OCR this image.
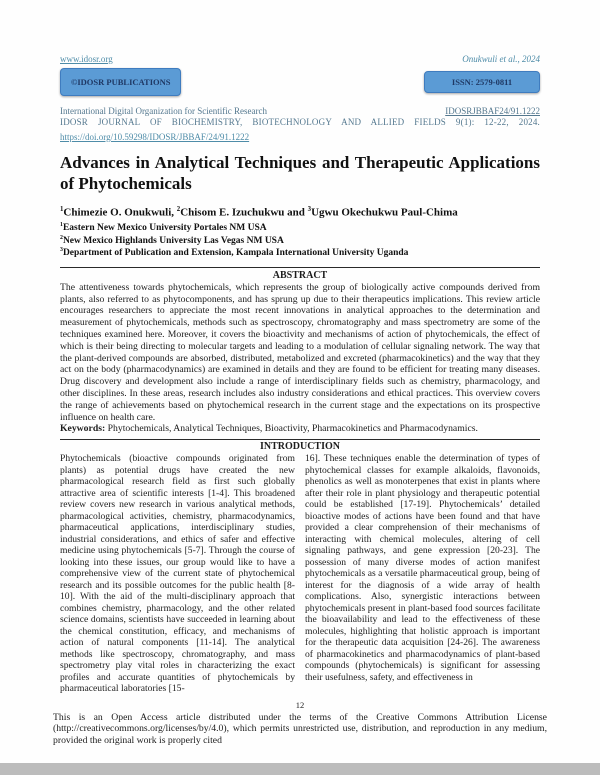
www.idosr.org	Onukwuli et al., 2024
©IDOSR PUBLICATIONS	ISSN: 2579-0811
International Digital Organization for Scientific Research	IDOSRJBBAF24/91.1222
IDOSR JOURNAL OF BIOCHEMISTRY, BIOTECHNOLOGY AND ALLIED FIELDS 9(1): 12-22, 2024.
https://doi.org/10.59298/IDOSR/JBBAF/24/91.1222
Advances in Analytical Techniques and Therapeutic Applications of Phytochemicals
$^1$Chimezie O. Onukwuli, $^2$Chisom E. Izuchukwu and $^3$Ugwu Okechukwu Paul-Chima
$^1$Eastern New Mexico University Portales NM USA
$^2$New Mexico Highlands University Las Vegas NM USA
$^3$Department of Publication and Extension, Kampala International University Uganda
ABSTRACT
The attentiveness towards phytochemicals, which represents the group of biologically active compounds derived from plants, also referred to as phytocomponents, and has sprung up due to their therapeutics implications. This review article encourages researchers to appreciate the most recent innovations in analytical approaches to the determination and measurement of phytochemicals, methods such as spectroscopy, chromatography and mass spectrometry are some of the techniques examined here. Moreover, it covers the bioactivity and mechanisms of action of phytochemicals, the effect of which is their being directing to molecular targets and leading to a modulation of cellular signaling network. The way that the plant-derived compounds are absorbed, distributed, metabolized and excreted (pharmacokinetics) and the way that they act on the body (pharmacodynamics) are examined in details and they are found to be efficient for treating many diseases. Drug discovery and development also include a range of interdisciplinary fields such as chemistry, pharmacology, and other disciplines. In these areas, research includes also industry considerations and ethical practices. This overview covers the range of achievements based on phytochemical research in the current stage and the expectations on its prospective influence on health care.
Keywords: Phytochemicals, Analytical Techniques, Bioactivity, Pharmacokinetics and Pharmacodynamics.
INTRODUCTION
Phytochemicals (bioactive compounds originated from plants) as potential drugs have created the new pharmacological research field as first such globally attractive area of scientific interests [1-4]. This broadened review covers new research in various analytical methods, pharmacological activities, chemistry, pharmacodynamics, pharmaceutical applications, interdisciplinary studies, industrial considerations, and ethics of safer and effective medicine using phytochemicals [5-7]. Through the course of looking into these issues, our group would like to have a comprehensive view of the current state of phytochemical research and its possible outcomes for the public health [8-10]. With the aid of the multi-disciplinary approach that combines chemistry, pharmacology, and the other related science domains, scientists have succeeded in learning about the chemical constitution, efficacy, and mechanisms of action of natural components [11-14]. The analytical methods like spectroscopy, chromatography, and mass spectrometry play vital roles in characterizing the exact profiles and accurate quantities of phytochemicals by pharmaceutical laboratories [15-
16]. These techniques enable the determination of types of phytochemical classes for example alkaloids, flavonoids, phenolics as well as monoterpenes that exist in plants where after their role in plant physiology and therapeutic potential could be established [17-19]. Phytochemicals’ detailed bioactive modes of actions have been found and that have provided a clear comprehension of their mechanisms of interacting with chemical molecules, altering of cell signaling pathways, and gene expression [20-23]. The possession of many diverse modes of action manifest phytochemicals as a versatile pharmaceutical group, being of interest for the diagnosis of a wide array of health complications. Also, synergistic interactions between phytochemicals present in plant-based food sources facilitate the bioavailability and lead to the effectiveness of these molecules, highlighting that holistic approach is important for the therapeutic data acquisition [24-26]. The awareness of pharmacokinetics and pharmacodynamics of plant-based compounds (phytochemicals) is significant for assessing their usefulness, safety, and effectiveness in
12
This is an Open Access article distributed under the terms of the Creative Commons Attribution License (http://creativecommons.org/licenses/by/4.0), which permits unrestricted use, distribution, and reproduction in any medium, provided the original work is properly cited
